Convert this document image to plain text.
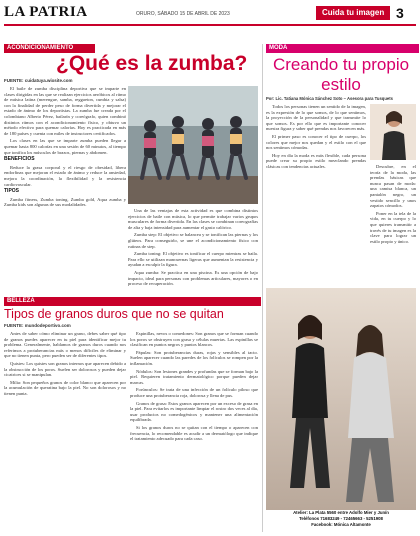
LA PATRIA	ORURO, SÁBADO 15 DE ABRIL DE 2023	Cuida tu imagen 3
ACONDICIONAMIENTO
¿Qué es la zumba?
FUENTE: cuidatuya.wixsite.com

El baile de zumba disciplina deportiva que se imparte en clases dirigidas en las que se realizan ejercicios aeróbicos al ritmo de música latina (merengue, samba, reggaeton, cumbia y salsa) con la finalidad de perder peso de forma divertida y mejorar el estado de ánimo de los deportistas. La zumba fue creada por el colombiano Alberto Pérez, bailarín y coreógrafo, quien combinó distintos ritmos con el acondicionamiento físico, y obtuvo un método efectivo para quemar calorías. Hoy es practicada en más de 180 países y cuenta con miles de instructores certificados.

Los clases en las que se imparte zumba pueden llegar a quemar hasta 800 calorías en una sesión de 60 minutos, al tiempo que tonifica los músculos de brazos, piernas y abdomen.

BENEFICIOS

Reduce la grasa corporal y el riesgo de obesidad, libera endorfinas que mejoran el estado de ánimo y reduce la ansiedad, mejora la coordinación, la flexibilidad y la resistencia cardiovascular.

TIPOS

Zumba fitness, Zumba toning, Zumba gold, Aqua zumba y Zumba kids son algunas de sus modalidades.

Una de las ventajas de esta actividad es que combina distintos ejercicios de baile con música, lo que permite trabajar varios grupos musculares de forma divertida. En las clases se combinan coreografías de alta y baja intensidad para aumentar el gasto calórico.

Zumba step: El objetivo se balancea y se tonifican las piernas y los glúteos. Para conseguirlo, se une el acondicionamiento físico con rutinas de step.

Zumba toning: El objetivo es tonificar el cuerpo mientras se baila. Para ello se utilizan mancuernas ligeras que aumentan la resistencia y ayudan a esculpir la figura.

Aqua zumba: Se practica en una piscina. Es una opción de bajo impacto, ideal para personas con problemas articulares, mayores o en proceso de recuperación.

BELLEZA
Tipos de granos duros que no se quitan
FUENTE: mundodeportivo.com

Antes de saber cómo eliminar un grano, debes saber qué tipo de granos puedes aparecer en tu piel para identificar mejor tu problema. Generalmente, hablamos de granos duros cuando nos referimos a protuberancias más o menos difíciles de eliminar y que no tienen punta, pero pueden ser de diferentes tipos.

Quistes: Los quistes son granos internos que aparecen debido a la obstrucción de los poros. Suelen ser dolorosos y pueden dejar cicatrices si se manipulan.

Milia: Son pequeños granos de color blanco que aparecen por la acumulación de queratina bajo la piel. No son dolorosos y no tienen punta.

Espinillas, nevos o comedones: Son granos que se forman cuando los poros se obstruyen con grasa y células muertas. Las espinillas se clasifican en puntos negros y puntos blancos.

Pápulas: Son protuberancias duras, rojas y sensibles al tacto. Suelen aparecer cuando las paredes de los folículos se rompen por la inflamación.

Nódulos: Son lesiones grandes y profundas que se forman bajo la piel. Requieren tratamiento dermatológico porque pueden dejar marcas.

Forúnculos: Se trata de una infección de un folículo piloso que produce una protuberancia roja, dolorosa y llena de pus.

Granos de grasa: Estos granos aparecen por un exceso de grasa en la piel. Para evitarlos es importante limpiar el rostro dos veces al día, usar productos no comedogénicos y mantener una alimentación equilibrada.

Si los granos duros no se quitan con el tiempo o aparecen con frecuencia, lo recomendable es acudir a un dermatólogo que indique el tratamiento adecuado para cada caso.

MODA
Creando tu propio estilo
Por: Lic. Tatiana Mónica Sánchez Soto – Asesora para Tusquets

Todos los personas tienen un sentido de la imagen, es la expresión de lo que somos, de lo que sentimos, la proyección de la personalidad y que transmite lo que somos. Es por ello que es importante conocer nuestra figura y saber qué prendas nos favorecen más.

El primer paso es conocer el tipo de cuerpo, los colores que mejor nos quedan y el estilo con el que nos sentimos cómodas.

Hoy en día la moda es más flexible, cada persona puede crear su propio estilo mezclando prendas clásicas con tendencias actuales.	Descubre, en el teoría de la moda, las prendas básicas que nunca pasan de moda: una camisa blanca, un pantalón negro, un vestido sencillo y unos zapatos cómodos.

Poner en la tela de la vida, en tu cuerpo y lo que quieres transmitir a través de tu imagen es la clave para lograr un estilo propio y único.

Atelier: La Plata 5560 entre Adolfo Mier y Junín
Teléfonos 71683249 - 72465663 - 5251908
Facebook: Mónica Altamonte
